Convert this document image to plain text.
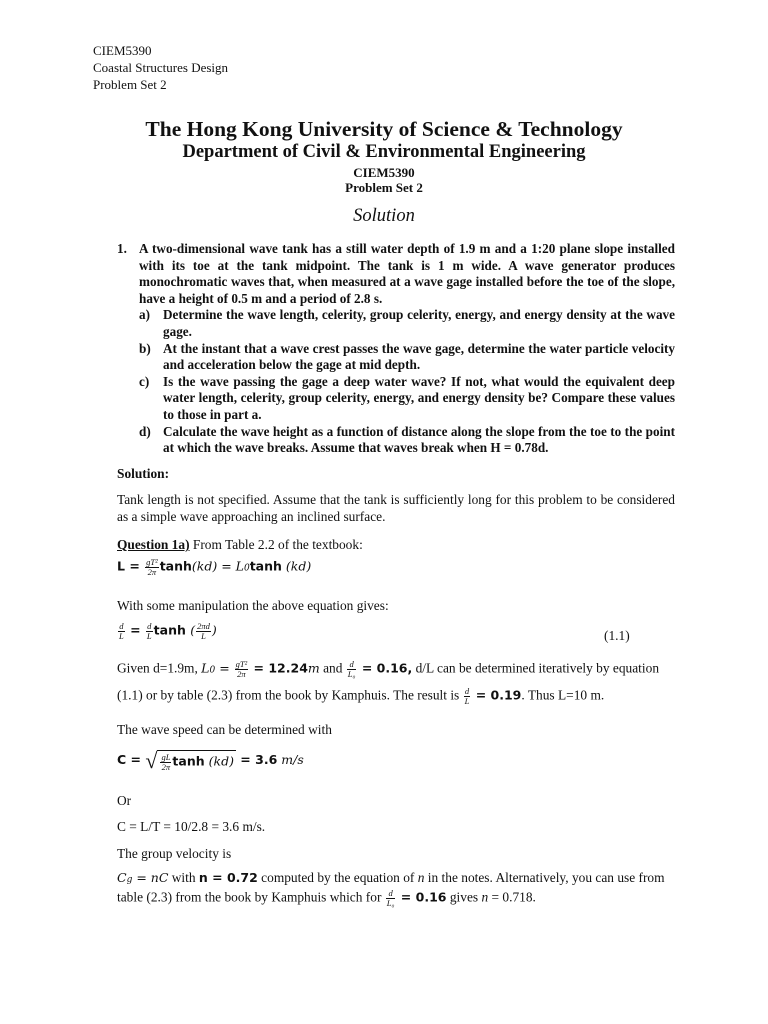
CIEM5390
Coastal Structures Design
Problem Set 2
The Hong Kong University of Science & Technology
Department of Civil & Environmental Engineering
CIEM5390
Problem Set 2
Solution
1. A two-dimensional wave tank has a still water depth of 1.9 m and a 1:20 plane slope installed with its toe at the tank midpoint. The tank is 1 m wide. A wave generator produces monochromatic waves that, when measured at a wave gage installed before the toe of the slope, have a height of 0.5 m and a period of 2.8 s.
a) Determine the wave length, celerity, group celerity, energy, and energy density at the wave gage.
b) At the instant that a wave crest passes the wave gage, determine the water particle velocity and acceleration below the gage at mid depth.
c) Is the wave passing the gage a deep water wave? If not, what would the equivalent deep water length, celerity, group celerity, energy, and energy density be? Compare these values to those in part a.
d) Calculate the wave height as a function of distance along the slope from the toe to the point at which the wave breaks. Assume that waves break when H = 0.78d.
Solution:
Tank length is not specified. Assume that the tank is sufficiently long for this problem to be considered as a simple wave approaching an inclined surface.
Question 1a) From Table 2.2 of the textbook:
$L = \frac{\text{gT²}}{2\pi} \tanh(kd) = L0\tanh$ (kd)
With some manipulation the above equation gives:
$\frac{d}{L} = \frac{d}{L}$ tanh ( $\frac{2\pi d}{L}$ )	(1.1)
Given d=1.9m, $L0 = \frac{\text{gT²}}{2\pi} = 12.24m$ and $\frac{d}{\text{L₀}} = 0.16$, d/L can be determined iteratively by equation
(1.1) or by table (2.3) from the book by Kamphuis. The result is $\frac{d}{L} = 0.19$. Thus L=10 m.
The wave speed can be determined with
C = √ $\frac{gL}{2\pi}$ tanh (kd) = 3.6 m/s
Or
C = L/T = 10/2.8 = 3.6 m/s.
The group velocity is
Cg = nC with n = 0.72 computed by the equation of n in the notes. Alternatively, you can use from
table (2.3) from the book by Kamphuis which for $\frac{d}{\text{L₀}} = 0.16$ gives n = 0.718.
